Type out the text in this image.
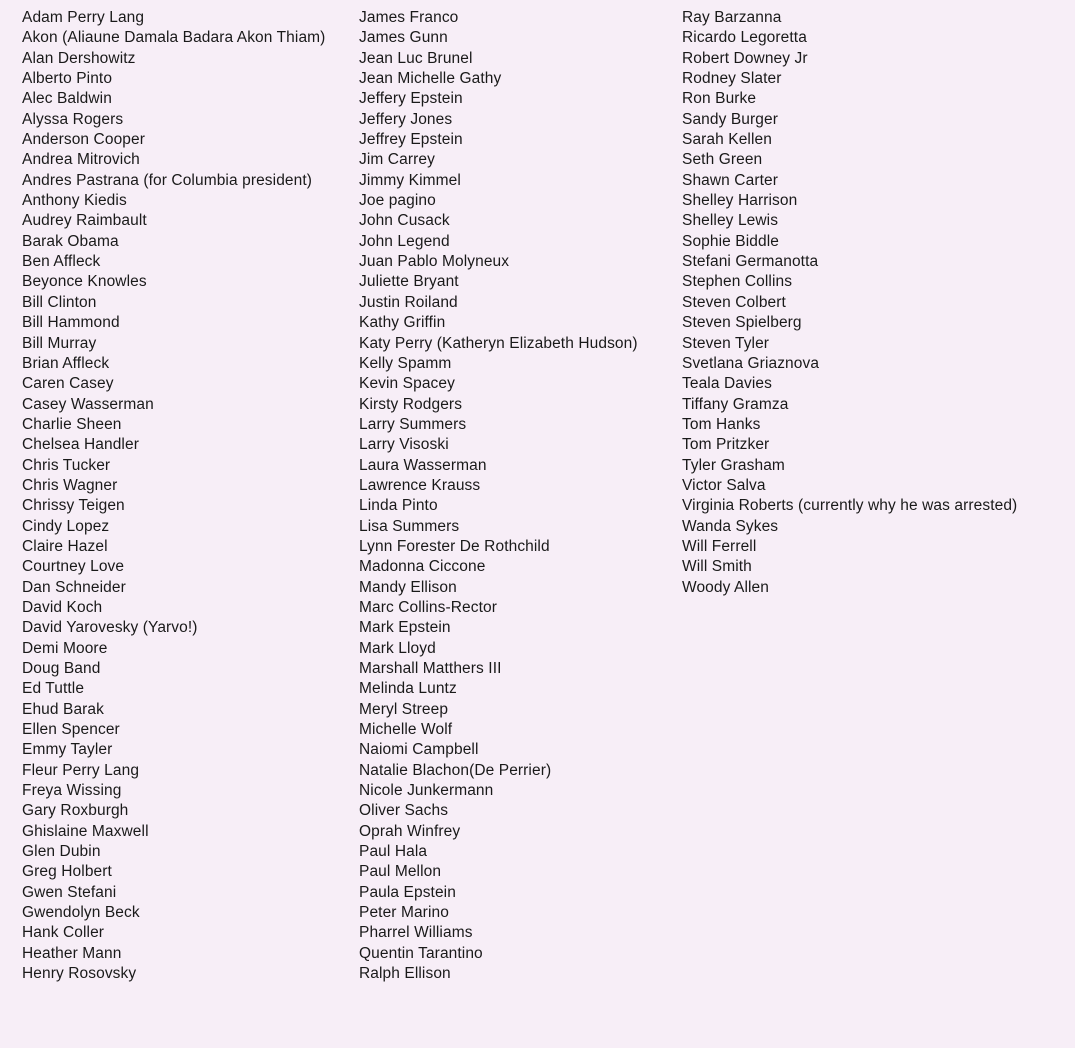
Adam Perry Lang
Akon (Aliaune Damala Badara Akon Thiam)
Alan Dershowitz
Alberto Pinto
Alec Baldwin
Alyssa Rogers
Anderson Cooper
Andrea Mitrovich
Andres Pastrana (for Columbia president)
Anthony Kiedis
Audrey Raimbault
Barak Obama
Ben Affleck
Beyonce Knowles
Bill Clinton
Bill Hammond
Bill Murray
Brian Affleck
Caren Casey
Casey Wasserman
Charlie Sheen
Chelsea Handler
Chris Tucker
Chris Wagner
Chrissy Teigen
Cindy Lopez
Claire Hazel
Courtney Love
Dan Schneider
David Koch
David Yarovesky (Yarvo!)
Demi Moore
Doug Band
Ed Tuttle
Ehud Barak
Ellen Spencer
Emmy Tayler
Fleur Perry Lang
Freya Wissing
Gary Roxburgh
Ghislaine Maxwell
Glen Dubin
Greg Holbert
Gwen Stefani
Gwendolyn Beck
Hank Coller
Heather Mann
Henry Rosovsky
James Franco
James Gunn
Jean Luc Brunel
Jean Michelle Gathy
Jeffery Epstein
Jeffery Jones
Jeffrey Epstein
Jim Carrey
Jimmy Kimmel
Joe pagino
John Cusack
John Legend
Juan Pablo Molyneux
Juliette Bryant
Justin Roiland
Kathy Griffin
Katy Perry (Katheryn Elizabeth Hudson)
Kelly Spamm
Kevin Spacey
Kirsty Rodgers
Larry Summers
Larry Visoski
Laura Wasserman
Lawrence Krauss
Linda Pinto
Lisa Summers
Lynn Forester De Rothchild
Madonna Ciccone
Mandy Ellison
Marc Collins-Rector
Mark Epstein
Mark Lloyd
Marshall Matthers III
Melinda Luntz
Meryl Streep
Michelle Wolf
Naiomi Campbell
Natalie Blachon(De Perrier)
Nicole Junkermann
Oliver Sachs
Oprah Winfrey
Paul Hala
Paul Mellon
Paula Epstein
Peter Marino
Pharrel Williams
Quentin Tarantino
Ralph Ellison
Ray Barzanna
Ricardo Legoretta
Robert Downey Jr
Rodney Slater
Ron Burke
Sandy Burger
Sarah Kellen
Seth Green
Shawn Carter
Shelley Harrison
Shelley Lewis
Sophie Biddle
Stefani Germanotta
Stephen Collins
Steven Colbert
Steven Spielberg
Steven Tyler
Svetlana Griaznova
Teala Davies
Tiffany Gramza
Tom Hanks
Tom Pritzker
Tyler Grasham
Victor Salva
Virginia Roberts (currently why he was arrested)
Wanda Sykes
Will Ferrell
Will Smith
Woody Allen
